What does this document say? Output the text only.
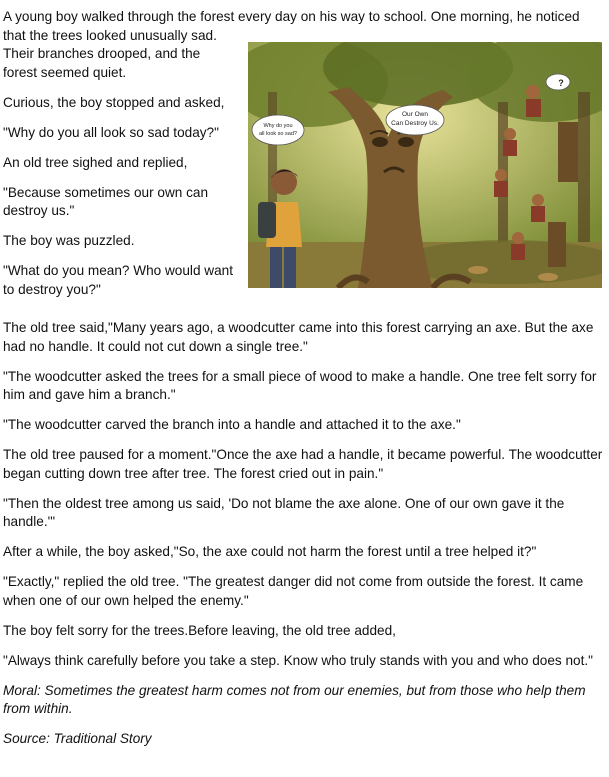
A young boy walked through the forest every day on his way to school. One morning, he noticed

that the trees looked unusually sad. Their branches drooped, and the forest seemed quiet.

Curious, the boy stopped and asked,

"Why do you all look so sad today?"

An old tree sighed and replied,

"Because sometimes our own can destroy us."

The boy was puzzled.

"What do you mean? Who would want to destroy you?"

Our Own
Can Destroy Us.
Why do you
all look so sad?
?

The old tree said,"Many years ago, a woodcutter came into this forest carrying an axe. But the axe had no handle. It could not cut down a single tree."

"The woodcutter asked the trees for a small piece of wood to make a handle. One tree felt sorry for him and gave him a branch."

"The woodcutter carved the branch into a handle and attached it to the axe."

The old tree paused for a moment."Once the axe had a handle, it became powerful. The woodcutter began cutting down tree after tree. The forest cried out in pain."

"Then the oldest tree among us said, 'Do not blame the axe alone. One of our own gave it the handle.'"

After a while, the boy asked,"So, the axe could not harm the forest until a tree helped it?"

"Exactly," replied the old tree. "The greatest danger did not come from outside the forest. It came when one of our own helped the enemy."

The boy felt sorry for the trees.Before leaving, the old tree added,

"Always think carefully before you take a step. Know who truly stands with you and who does not."

Moral: Sometimes the greatest harm comes not from our enemies, but from those who help them from within.

Source: Traditional Story
